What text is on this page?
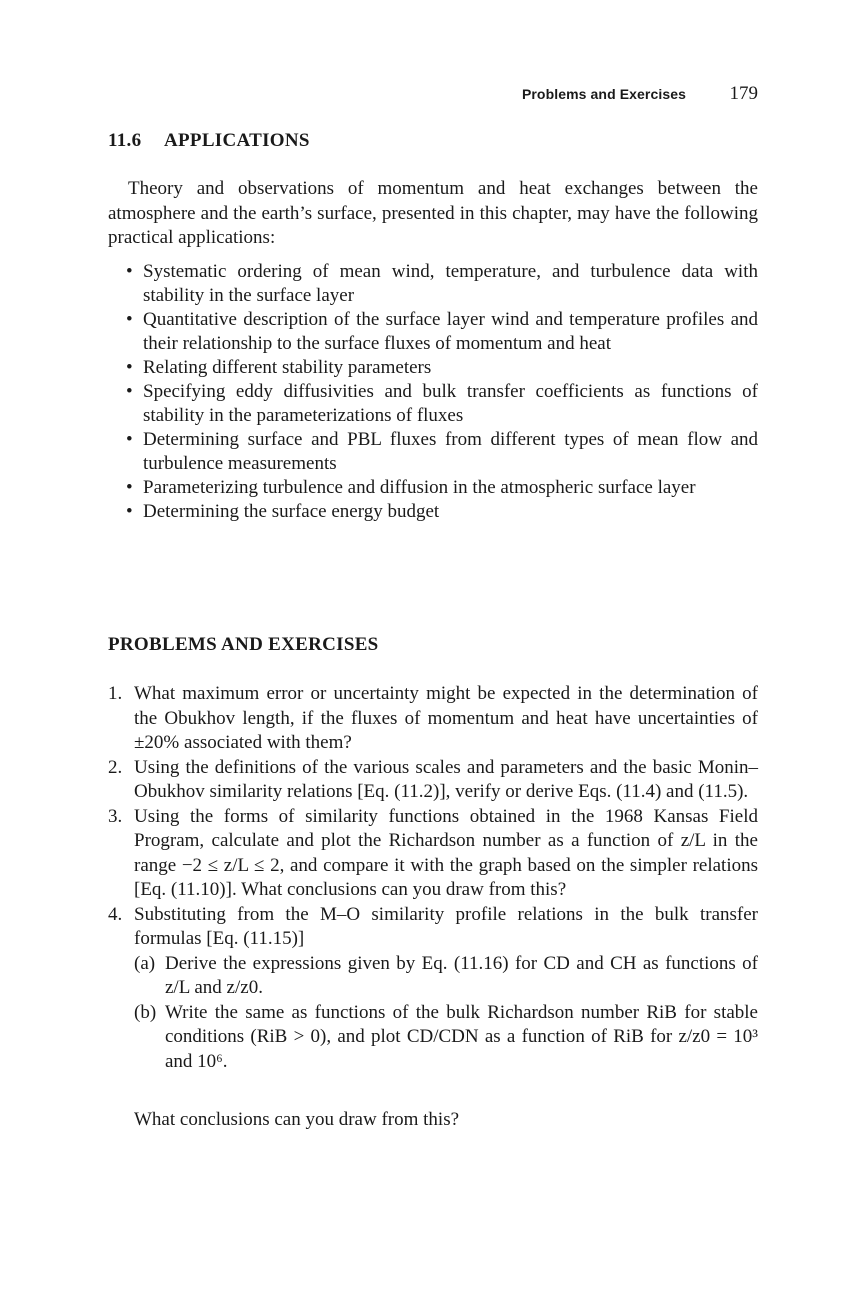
Problems and Exercises 179
11.6 APPLICATIONS
Theory and observations of momentum and heat exchanges between the atmosphere and the earth’s surface, presented in this chapter, may have the following practical applications:
• Systematic ordering of mean wind, temperature, and turbulence data with stability in the surface layer
• Quantitative description of the surface layer wind and temperature profiles and their relationship to the surface fluxes of momentum and heat
• Relating different stability parameters
• Specifying eddy diffusivities and bulk transfer coefficients as functions of stability in the parameterizations of fluxes
• Determining surface and PBL fluxes from different types of mean flow and turbulence measurements
• Parameterizing turbulence and diffusion in the atmospheric surface layer
• Determining the surface energy budget
PROBLEMS AND EXERCISES
1. What maximum error or uncertainty might be expected in the determination of the Obukhov length, if the fluxes of momentum and heat have uncertainties of ±20% associated with them?
2. Using the definitions of the various scales and parameters and the basic Monin–Obukhov similarity relations [Eq. (11.2)], verify or derive Eqs. (11.4) and (11.5).
3. Using the forms of similarity functions obtained in the 1968 Kansas Field Program, calculate and plot the Richardson number as a function of z/L in the range −2 ≤ z/L ≤ 2, and compare it with the graph based on the simpler relations [Eq. (11.10)]. What conclusions can you draw from this?
4. Substituting from the M–O similarity profile relations in the bulk transfer formulas [Eq. (11.15)]
(a) Derive the expressions given by Eq. (11.16) for CD and CH as functions of z/L and z/z0.
(b) Write the same as functions of the bulk Richardson number RiB for stable conditions (RiB > 0), and plot CD/CDN as a function of RiB for z/z0 = 10³ and 10⁶.
What conclusions can you draw from this?
